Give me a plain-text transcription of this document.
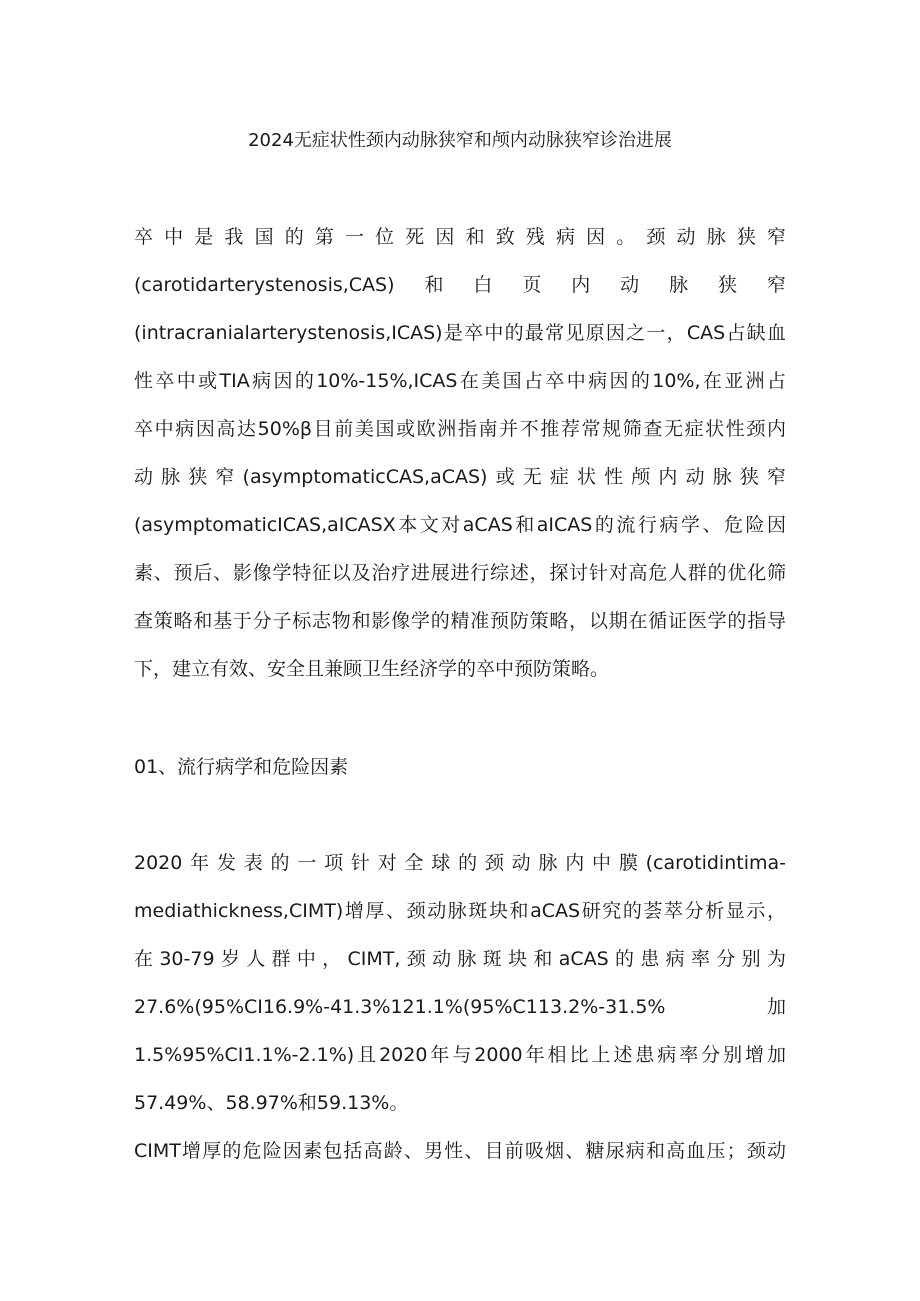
2024无症状性颈内动脉狭窄和颅内动脉狭窄诊治进展
卒中是我国的第一位死因和致残病因。颈动脉狭窄
(carotidarterystenosis,CAS)和白页内动脉狭窄
(intracranialarterystenosis,ICAS)是卒中的最常见原因之一，CAS占缺血
性卒中或TIA病因的10%-15%,ICAS在美国占卒中病因的10%,在亚洲占
卒中病因高达50%β目前美国或欧洲指南并不推荐常规筛查无症状性颈内
动脉狭窄(asymptomaticCAS,aCAS)或无症状性颅内动脉狭窄
(asymptomaticICAS,aICASX本文对aCAS和aICAS的流行病学、危险因
素、预后、影像学特征以及治疗进展进行综述，探讨针对高危人群的优化筛
查策略和基于分子标志物和影像学的精准预防策略，以期在循证医学的指导
下，建立有效、安全且兼顾卫生经济学的卒中预防策略。
01、流行病学和危险因素
2020年发表的一项针对全球的颈动脉内中膜(carotidintima-
mediathickness,CIMT)增厚、颈动脉斑块和aCAS研究的荟萃分析显示，
在30-79岁人群中，CIMT,颈动脉斑块和aCAS的患病率分别为
27.6%(95%CI16.9%-41.3%121.1%(95%C113.2%-31.5%	加
1.5%95%CI1.1%-2.1%)且2020年与2000年相比上述患病率分别增加
57.49%、58.97%和59.13%。
CIMT增厚的危险因素包括高龄、男性、目前吸烟、糖尿病和高血压；颈动
